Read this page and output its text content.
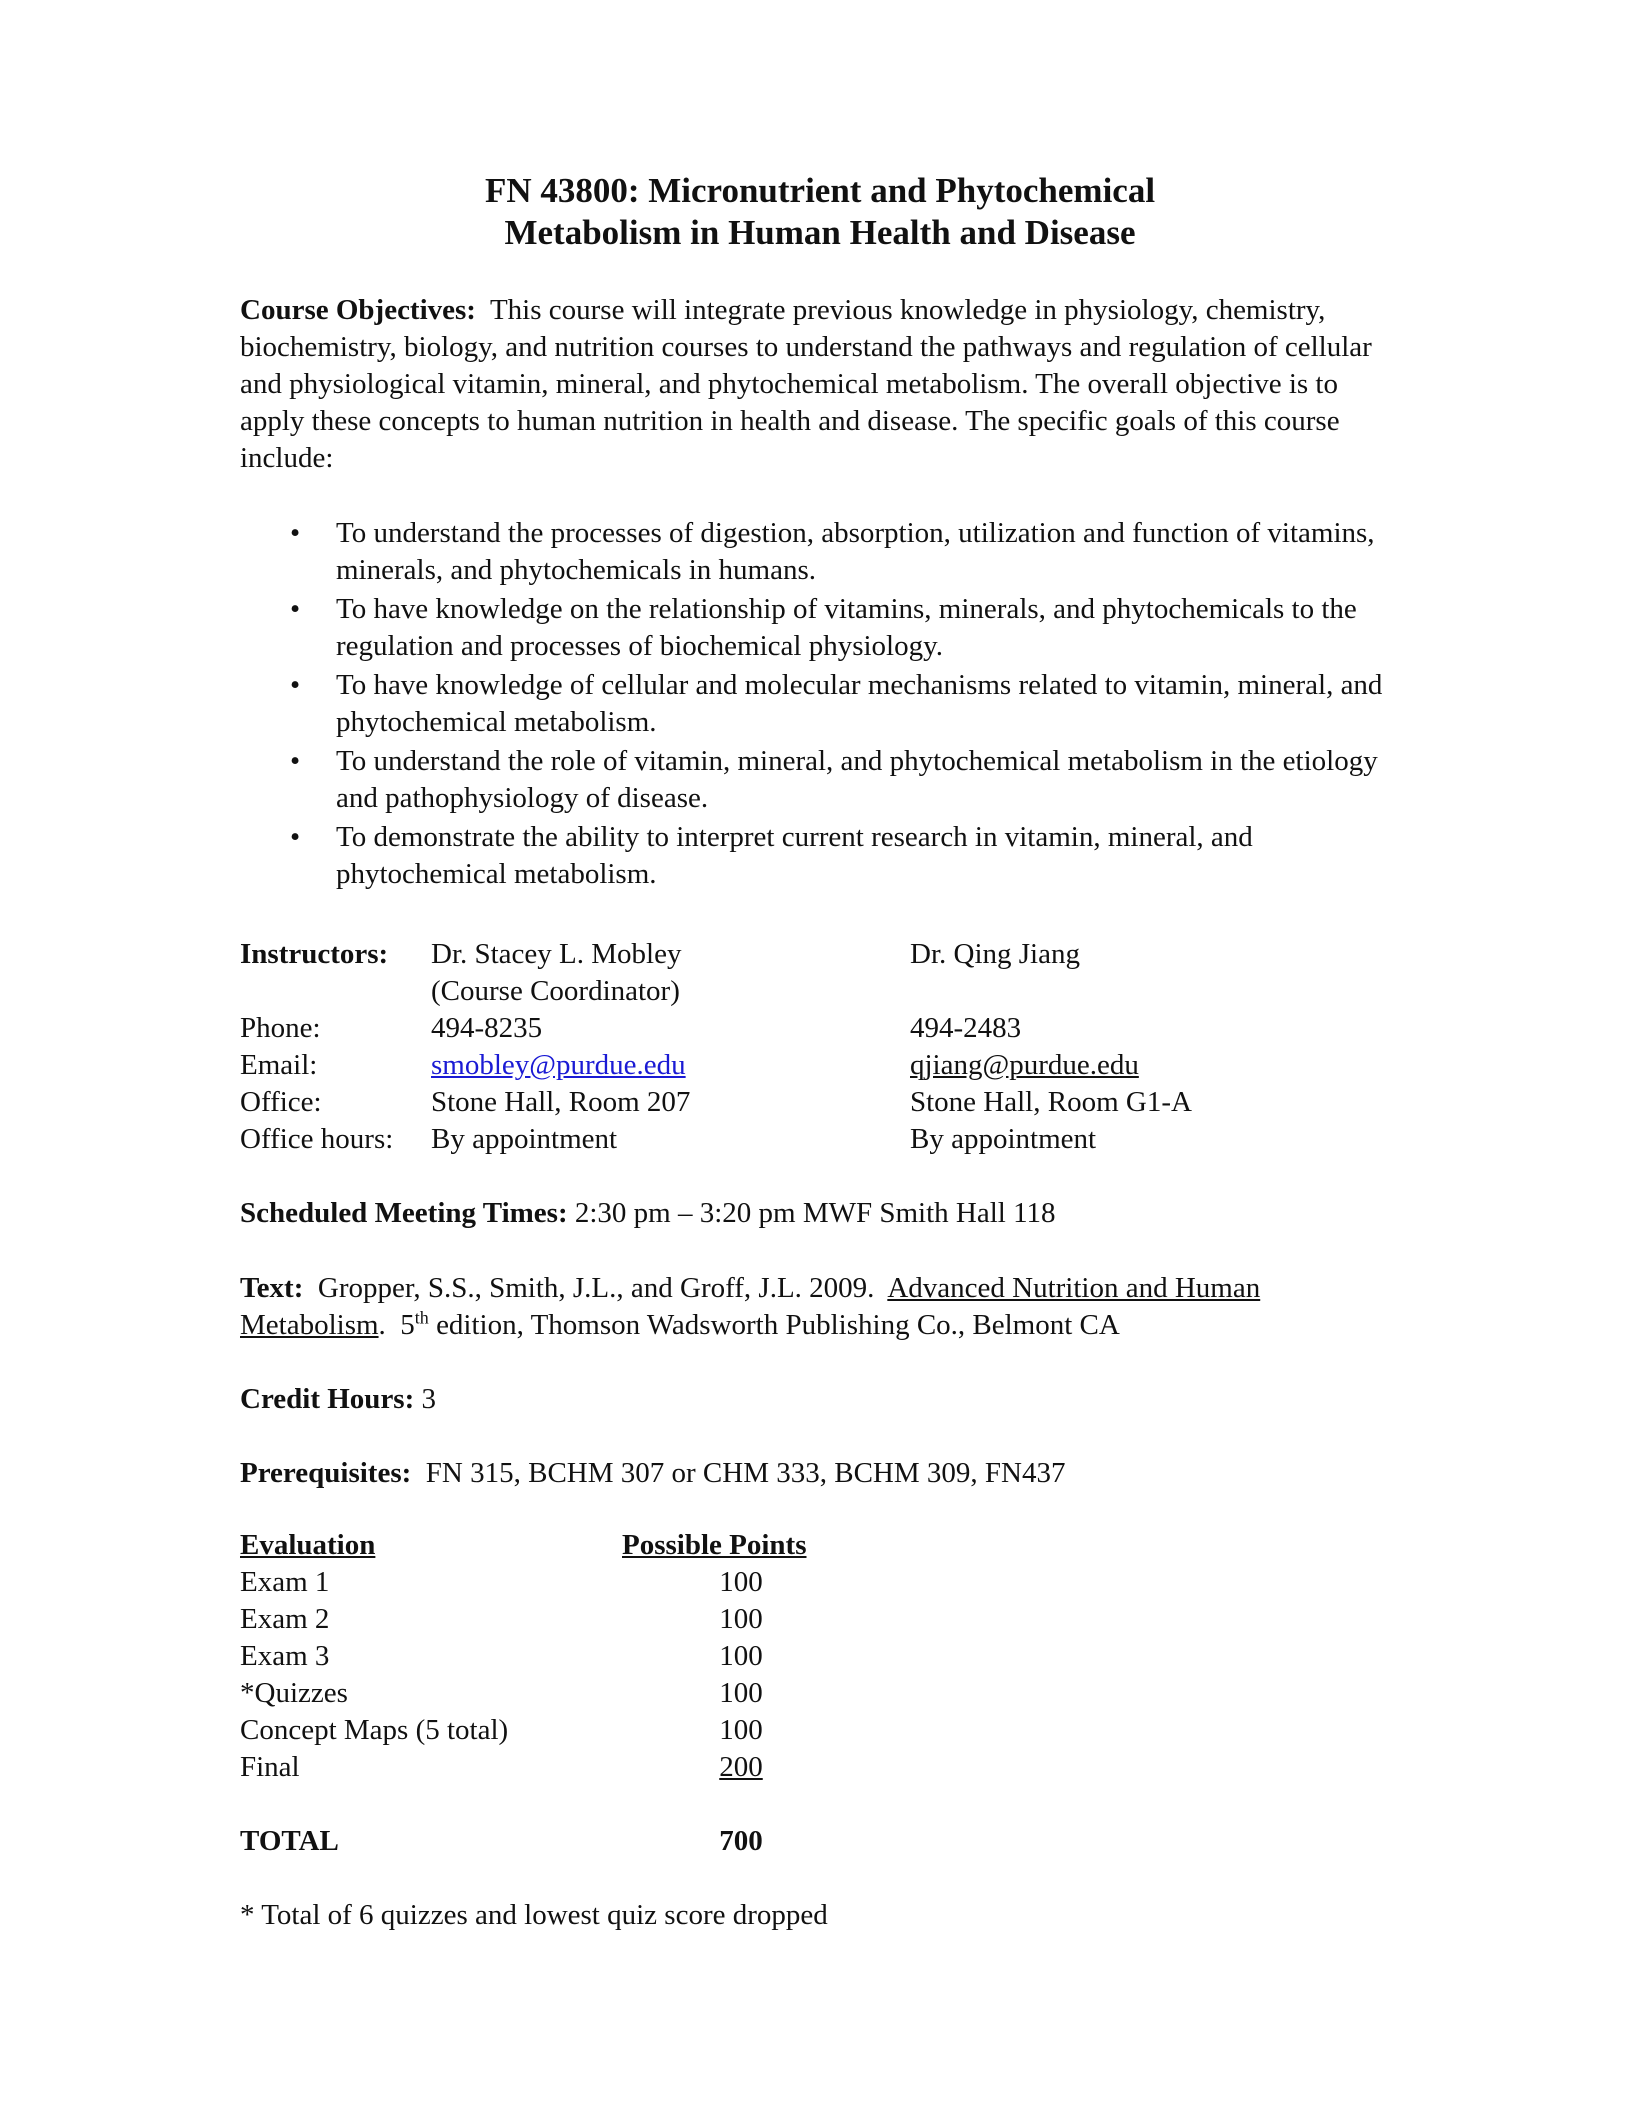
FN 43800: Micronutrient and Phytochemical
Metabolism in Human Health and Disease
Course Objectives: This course will integrate previous knowledge in physiology, chemistry, biochemistry, biology, and nutrition courses to understand the pathways and regulation of cellular and physiological vitamin, mineral, and phytochemical metabolism. The overall objective is to apply these concepts to human nutrition in health and disease. The specific goals of this course include:
• To understand the processes of digestion, absorption, utilization and function of vitamins, minerals, and phytochemicals in humans.
• To have knowledge on the relationship of vitamins, minerals, and phytochemicals to the regulation and processes of biochemical physiology.
• To have knowledge of cellular and molecular mechanisms related to vitamin, mineral, and phytochemical metabolism.
• To understand the role of vitamin, mineral, and phytochemical metabolism in the etiology and pathophysiology of disease.
• To demonstrate the ability to interpret current research in vitamin, mineral, and phytochemical metabolism.
Instructors: Dr. Stacey L. Mobley	Dr. Qing Jiang
(Course Coordinator)
Phone:	494-8235	494-2483
Email:	smobley@purdue.edu	qjiang@purdue.edu
Office:	Stone Hall, Room 207	Stone Hall, Room G1-A
Office hours: By appointment	By appointment
Scheduled Meeting Times: 2:30 pm – 3:20 pm MWF Smith Hall 118
Text: Gropper, S.S., Smith, J.L., and Groff, J.L. 2009. Advanced Nutrition and Human
Metabolism.  5th edition, Thomson Wadsworth Publishing Co., Belmont CA
Credit Hours: 3
Prerequisites: FN 315, BCHM 307 or CHM 333, BCHM 309, FN437
Evaluation	Possible Points
Exam 1	100
Exam 2	100
Exam 3	100
*Quizzes	100
Concept Maps (5 total)	100
Final	200
TOTAL	700
* Total of 6 quizzes and lowest quiz score dropped
